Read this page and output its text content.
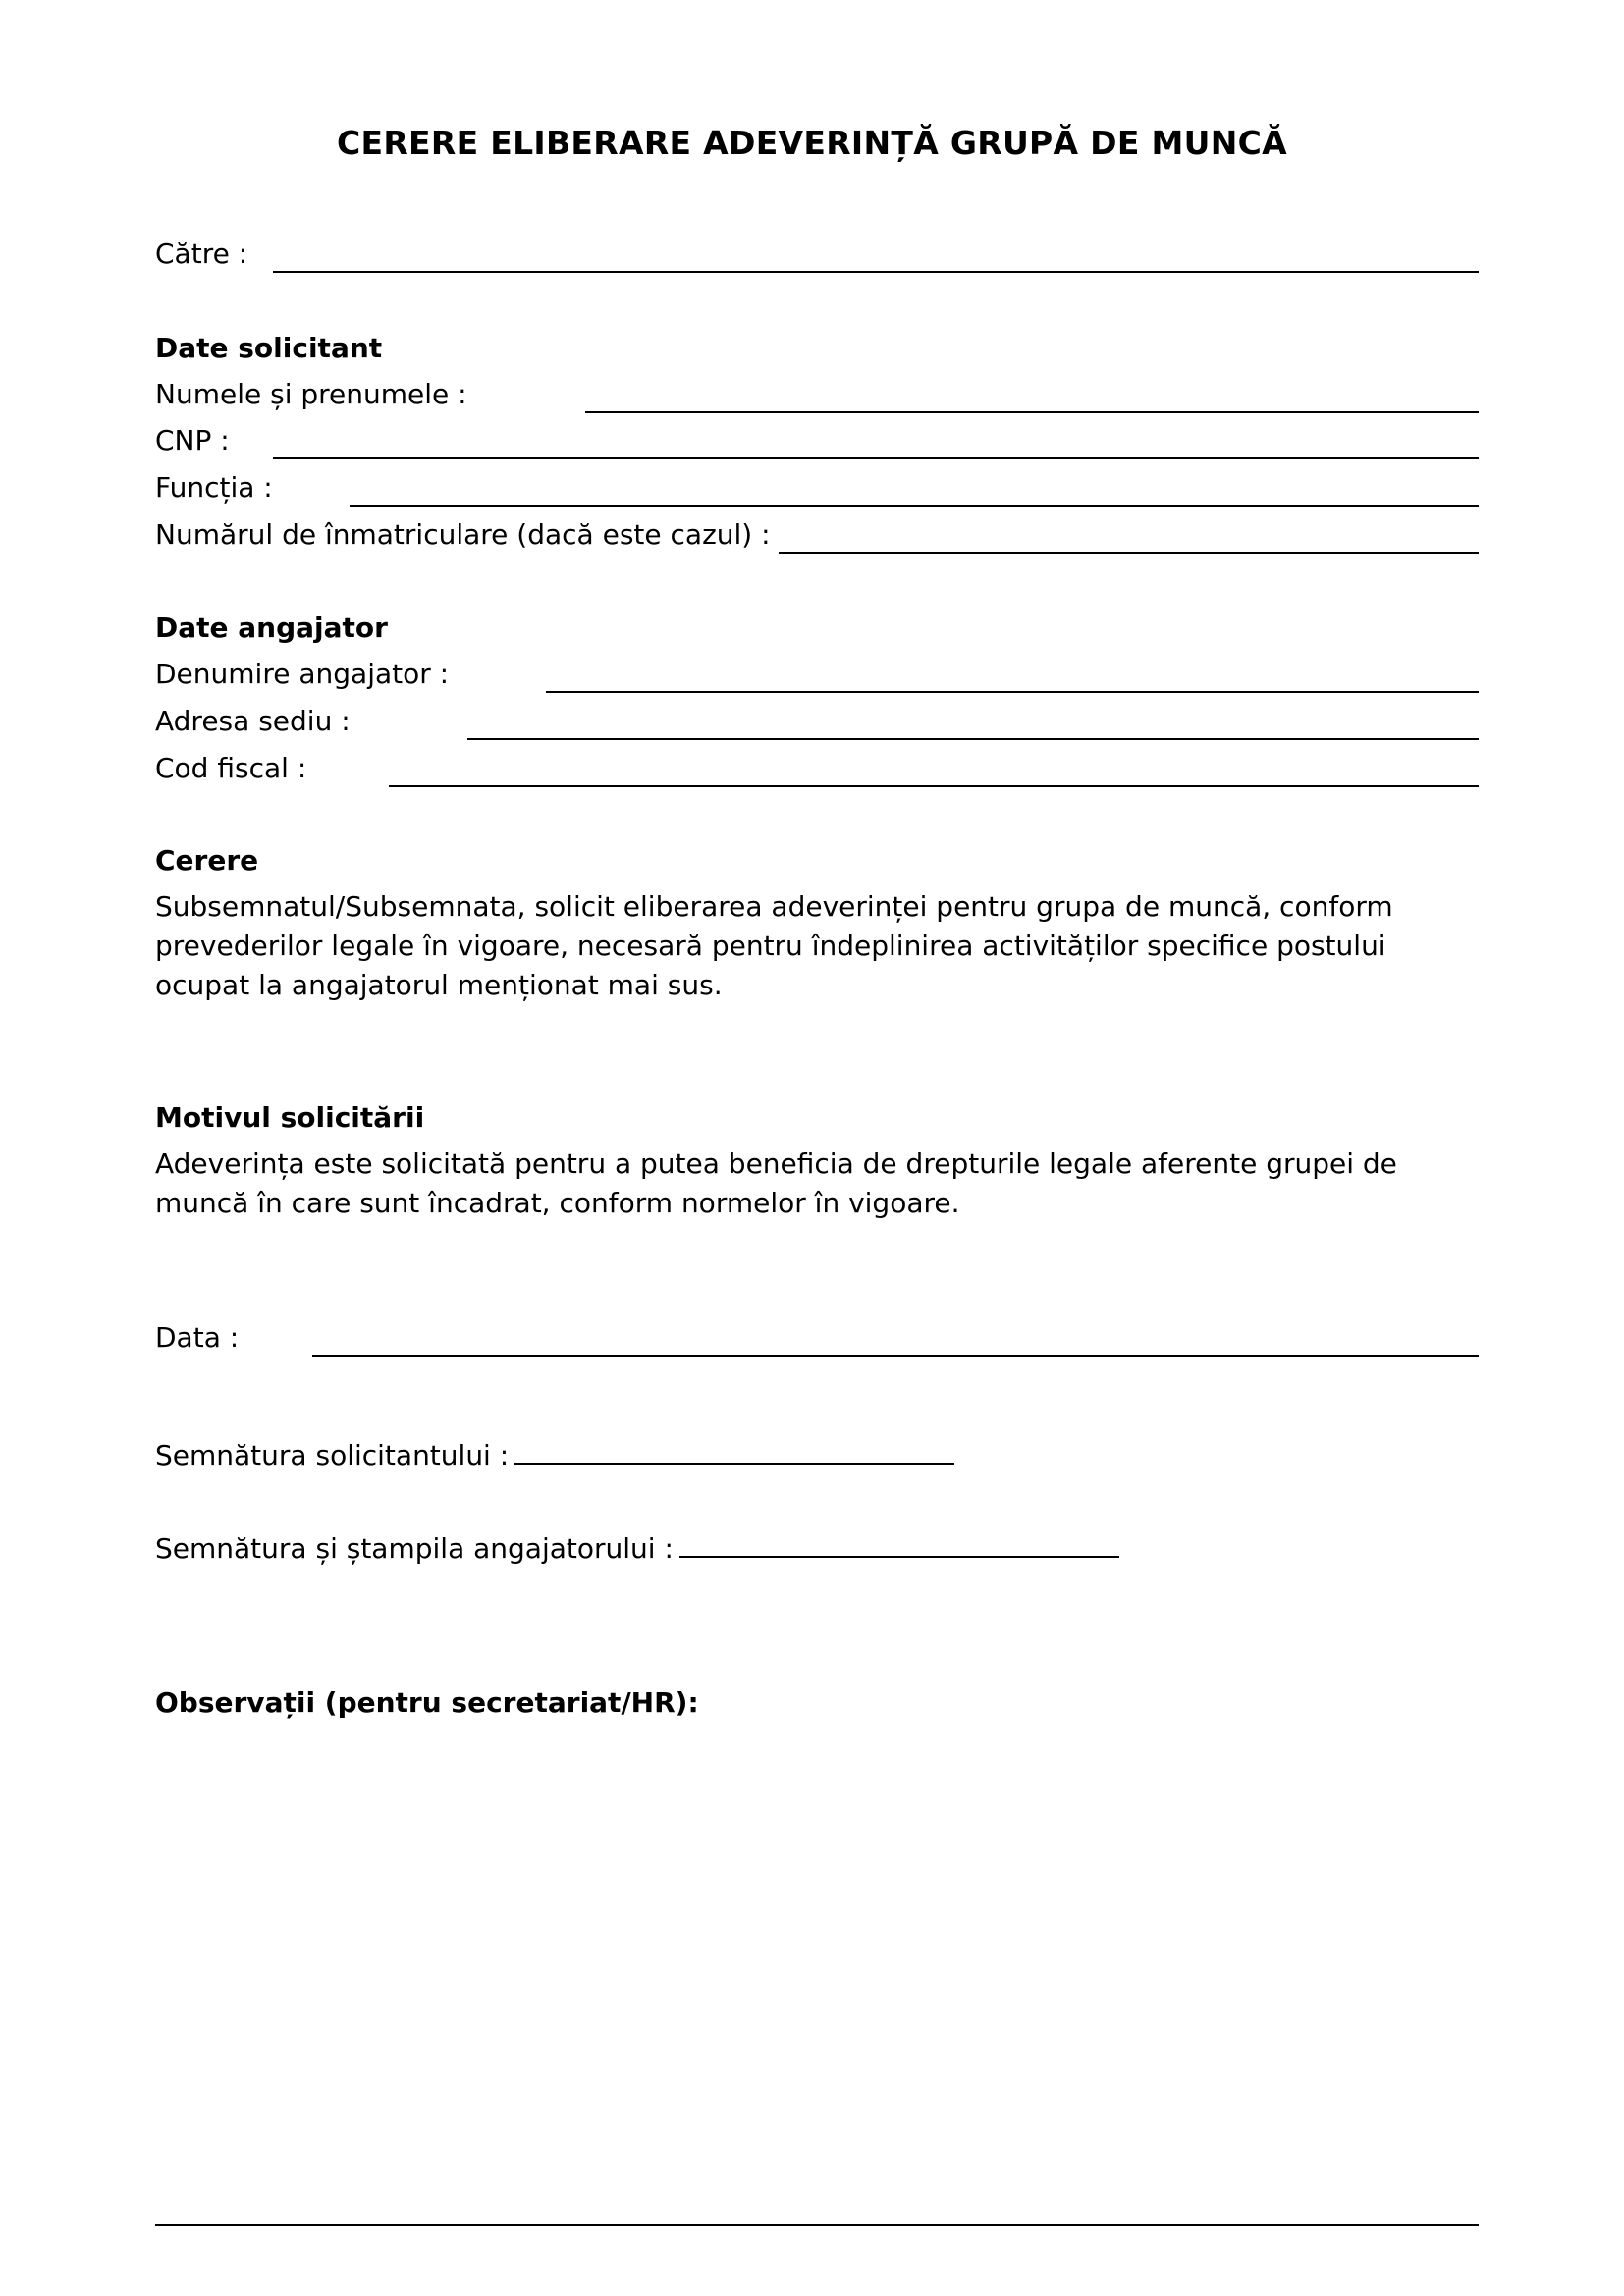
CERERE ELIBERARE ADEVERINȚĂ GRUPĂ DE MUNCĂ
Către :
Date solicitant
Numele și prenumele :
CNP :
Funcția :
Numărul de înmatriculare (dacă este cazul) :
Date angajator
Denumire angajator :
Adresa sediu :
Cod fiscal :
Cerere
Subsemnatul/Subsemnata, solicit eliberarea adeverinței pentru grupa de muncă, conform prevederilor legale în vigoare, necesară pentru îndeplinirea activităților specifice postului ocupat la angajatorul menționat mai sus.
Motivul solicitării
Adeverința este solicitată pentru a putea beneficia de drepturile legale aferente grupei de muncă în care sunt încadrat, conform normelor în vigoare.
Data :
Semnătura solicitantului :
Semnătura și ștampila angajatorului :
Observații (pentru secretariat/HR):
